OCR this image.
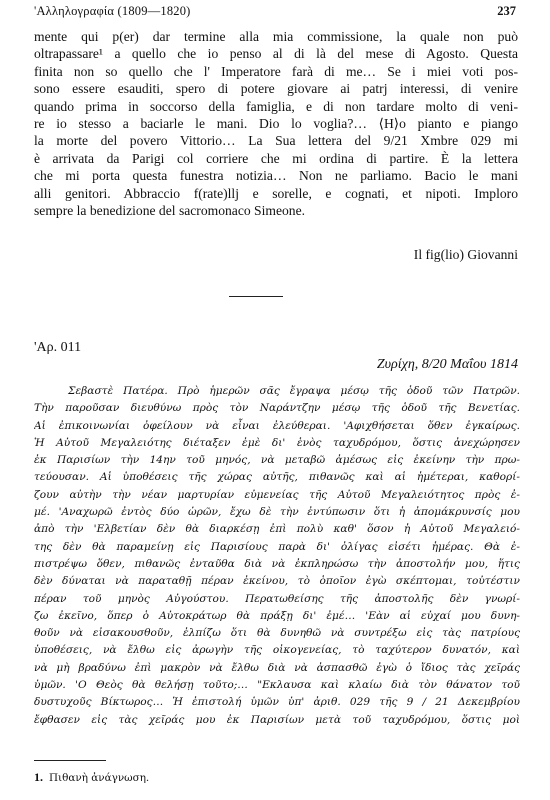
'Αλληλογραφία (1809—1820)	237
mente qui p(er) dar termine alla mia commissione, la quale non può
oltrapassare¹ a quello che io penso al di là del mese di Agosto. Questa
finita non so quello che l' Imperatore farà di me… Se i miei voti pos-
sono essere esauditi, spero di potere giovare ai patrj interessi, di venire
quando prima in soccorso della famiglia, e di non tardare molto di veni-
re io stesso a baciarle le mani. Dio lo voglia?… ⟨H⟩o pianto e piango
la morte del povero Vittorio… La Sua lettera del 9/21 Xmbre 029 mi
è arrivata da Parigi col corriere che mi ordina di partire. È la lettera
che mi porta questa funestra notizia… Non ne parliamo. Bacio le mani
alli genitori. Abbraccio f(rate)llj e sorelle, e cognati, et nipoti. Imploro
sempre la benedizione del sacromonaco Simeone.
Il fig(lio) Giovanni
'Αρ. 011
Ζυρίχη, 8/20 Μαΐου 1814
Σεβαστὲ Πατέρα. Πρὸ ἡμερῶν σᾶς ἔγραψα μέσῳ τῆς ὁδοῦ τῶν Πατρῶν.
Τὴν παροῦσαν διευθύνω πρὸς τὸν Ναράντζην μέσῳ τῆς ὁδοῦ τῆς Βενετίας.
Αἱ ἐπικοινωνίαι ὀφείλουν νὰ εἶναι ἐλεύθεραι. 'Αφιχθήσεται ὅθεν ἐγκαίρως.
Ἡ Αὐτοῦ Μεγαλειότης διέταξεν ἐμὲ δι' ἑνὸς ταχυδρόμου, ὅστις ἀνεχώρησεν
ἐκ Παρισίων τὴν 14ην τοῦ μηνός, νὰ μεταβῶ ἀμέσως εἰς ἐκείνην τὴν πρω-
τεύουσαν. Αἱ ὑποθέσεις τῆς χώρας αὐτῆς, πιθανῶς καὶ αἱ ἡμέτεραι, καθορί-
ζουν αὐτὴν τὴν νέαν μαρτυρίαν εὐμενείας τῆς Αὐτοῦ Μεγαλειότητος πρὸς ἐ-
μέ. 'Αναχωρῶ ἐντὸς δύο ὡρῶν, ἔχω δὲ τὴν ἐντύπωσιν ὅτι ἡ ἀπομάκρυνσίς μου
ἀπὸ τὴν 'Ελβετίαν δὲν θὰ διαρκέσῃ ἐπὶ πολὺ καθ' ὅσον ἡ Αὐτοῦ Μεγαλειό-
της δὲν θὰ παραμείνῃ εἰς Παρισίους παρὰ δι' ὀλίγας εἰσέτι ἡμέρας. Θὰ ἐ-
πιστρέψω ὅθεν, πιθανῶς ἐνταῦθα διὰ νὰ ἐκπληρώσω τὴν ἀποστολήν μου, ἥτις
δὲν δύναται νὰ παραταθῇ πέραν ἐκείνου, τὸ ὁποῖον ἐγὼ σκέπτομαι, τοὐτέστιν
πέραν τοῦ μηνὸς Αὐγούστου. Περατωθείσης τῆς ἀποστολῆς δὲν γνωρί-
ζω ἐκεῖνο, ὅπερ ὁ Αὐτοκράτωρ θὰ πράξῃ δι' ἐμέ… 'Εὰν αἱ εὐχαί μου δυνη-
θοῦν νὰ εἰσακουσθοῦν, ἐλπίζω ὅτι θὰ δυνηθῶ νὰ συντρέξω εἰς τὰς πατρίους
ὑποθέσεις, νὰ ἔλθω εἰς ἀρωγὴν τῆς οἰκογενείας, τὸ ταχύτερον δυνατόν, καὶ
νὰ μὴ βραδύνω ἐπὶ μακρὸν νὰ ἔλθω διὰ νὰ ἀσπασθῶ ἐγὼ ὁ ἴδιος τὰς χεῖράς
ὑμῶν. 'Ο Θεὸς θὰ θελήσῃ τοῦτο;… "Εκλαυσα καὶ κλαίω διὰ τὸν θάνατον τοῦ
δυστυχοῦς Βίκτωρος… Ἡ ἐπιστολή ὑμῶν ὑπ' ἀριθ. 029 τῆς 9 / 21 Δεκεμβρίου
ἔφθασεν εἰς τὰς χεῖράς μου ἐκ Παρισίων μετὰ τοῦ ταχυδρόμου, ὅστις μοὶ
1. Πιθανὴ ἀνάγνωση.
